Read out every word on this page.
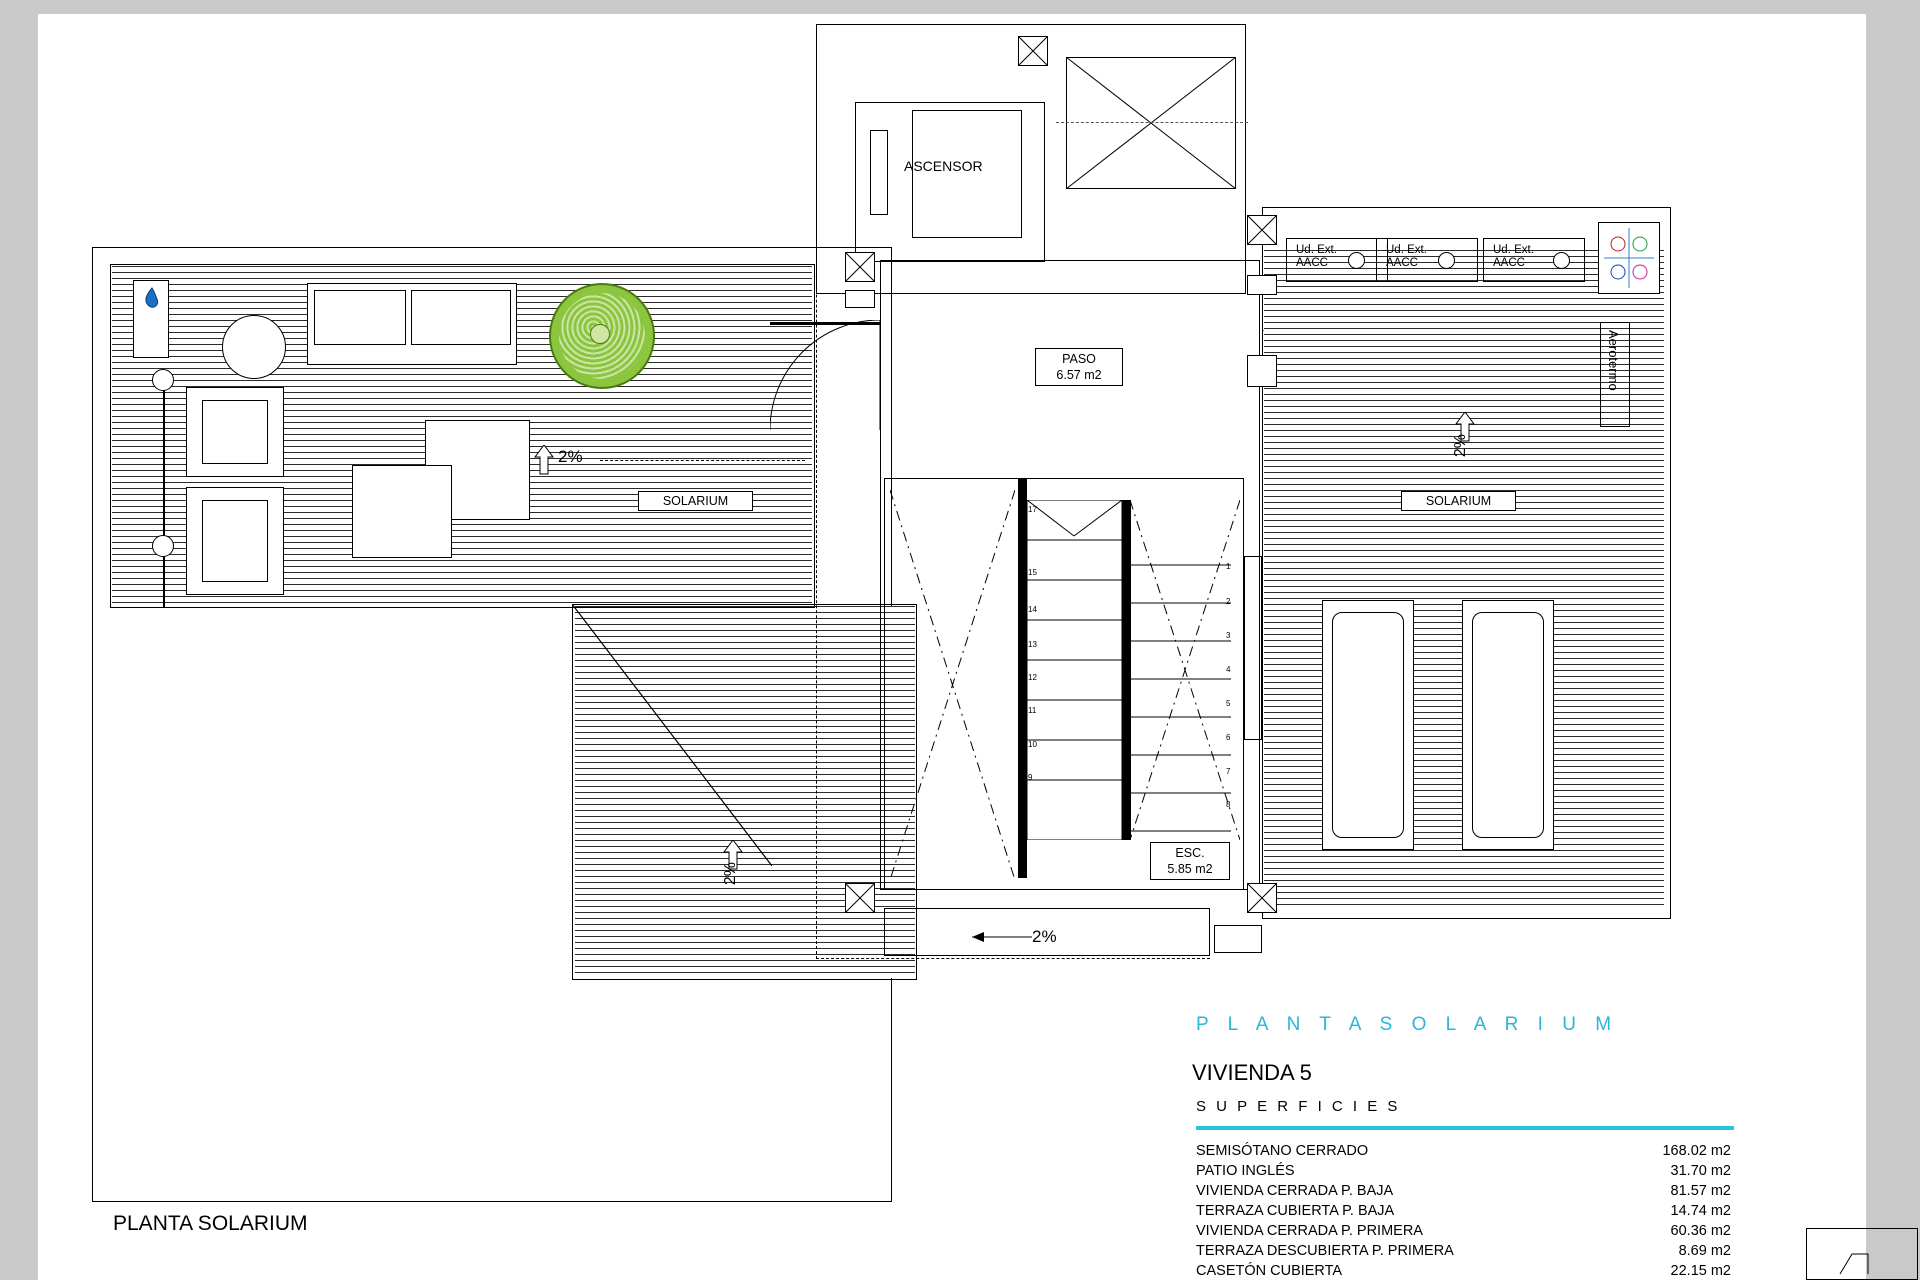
SOLARIUM
2%
2%
ASCENSOR
PASO
6.57 m2
17
15
14
13
12
11
10
9
1
2
3
4
5
6
7
8
ESC.
5.85 m2
2%
SOLARIUM
2%
Ud. Ext.
AACC
Ud. Ext.
AACC
Ud. Ext.
AACC
Aerotermo
P L A N T A S O L A R I U M
VIVIENDA 5
S U P E R F I C I E S
SEMISÓTANO CERRADO	168.02 m2
PATIO INGLÉS	31.70 m2
VIVIENDA CERRADA P. BAJA	81.57 m2
TERRAZA CUBIERTA P. BAJA	14.74 m2
VIVIENDA CERRADA P. PRIMERA	60.36 m2
TERRAZA DESCUBIERTA P. PRIMERA	8.69 m2
CASETÓN CUBIERTA	22.15 m2
PLANTA SOLARIUM
